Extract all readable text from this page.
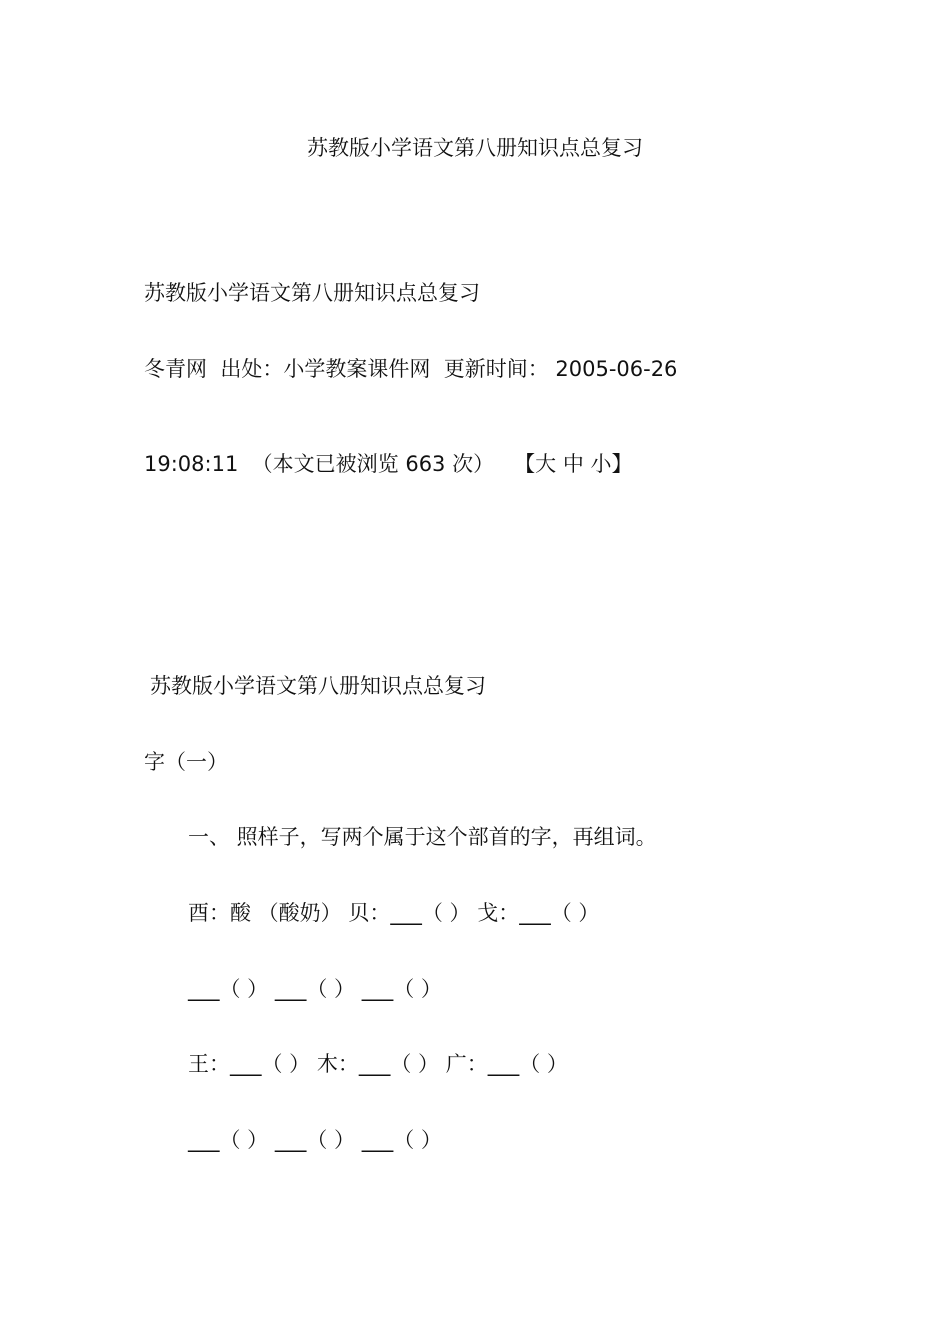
苏教版小学语文第八册知识点总复习

苏教版小学语文第八册知识点总复习

冬青网  出处：小学教案课件网  更新时间： 2005-06-26

19:08:11  （本文已被浏览 663 次）   【大 中 小】

苏教版小学语文第八册知识点总复习

字（一）

一、 照样子，写两个属于这个部首的字，再组词。

酉：酸 （酸奶） 贝：___（ ） 戈：___（ ）

___（ ） ___（ ） ___（ ）

王：___（ ） 木：___（ ） 广：___（ ）

___（ ） ___（ ） ___（ ）
